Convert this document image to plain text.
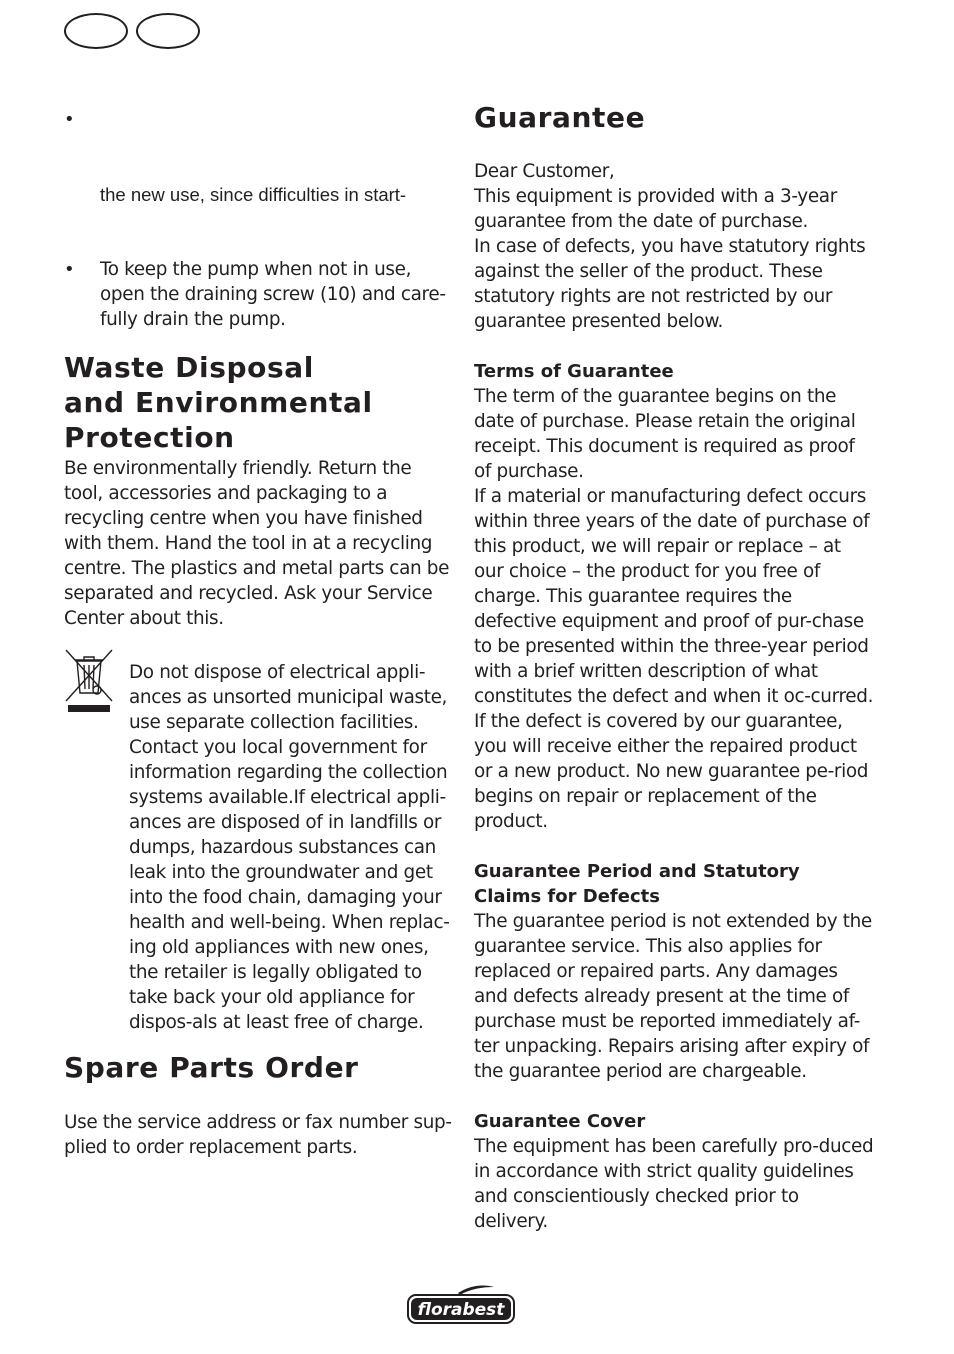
•

the new use, since difficulties in start-

• To keep the pump when not in use, open the draining screw (10) and care-fully drain the pump.

Waste Disposal
and Environmental
Protection

Be environmentally friendly. Return the tool, accessories and packaging to a recycling centre when you have finished with them. Hand the tool in at a recycling centre. The plastics and metal parts can be separated and recycled. Ask your Service Center about this.

Do not dispose of electrical appli-ances as unsorted municipal waste, use separate collection facilities. Contact you local government for information regarding the collection systems available.If electrical appli-ances are disposed of in landfills or dumps, hazardous substances can leak into the groundwater and get into the food chain, damaging your health and well-being. When replac-ing old appliances with new ones, the retailer is legally obligated to take back your old appliance for dispos-als at least free of charge.

Spare Parts Order

Use the service address or fax number sup-plied to order replacement parts.

Guarantee

Dear Customer,
This equipment is provided with a 3-year guarantee from the date of purchase.
In case of defects, you have statutory rights against the seller of the product. These statutory rights are not restricted by our guarantee presented below.

Terms of Guarantee

The term of the guarantee begins on the date of purchase. Please retain the original receipt. This document is required as proof of purchase.
If a material or manufacturing defect occurs within three years of the date of purchase of this product, we will repair or replace – at our choice – the product for you free of charge. This guarantee requires the defective equipment and proof of pur-chase to be presented within the three-year period with a brief written description of what constitutes the defect and when it oc-curred.
If the defect is covered by our guarantee, you will receive either the repaired product or a new product. No new guarantee pe-riod begins on repair or replacement of the product.

Guarantee Period and Statutory Claims for Defects

The guarantee period is not extended by the guarantee service. This also applies for replaced or repaired parts. Any damages and defects already present at the time of purchase must be reported immediately af-ter unpacking. Repairs arising after expiry of the guarantee period are chargeable.

Guarantee Cover

The equipment has been carefully pro-duced in accordance with strict quality guidelines and conscientiously checked prior to delivery.

florabest
